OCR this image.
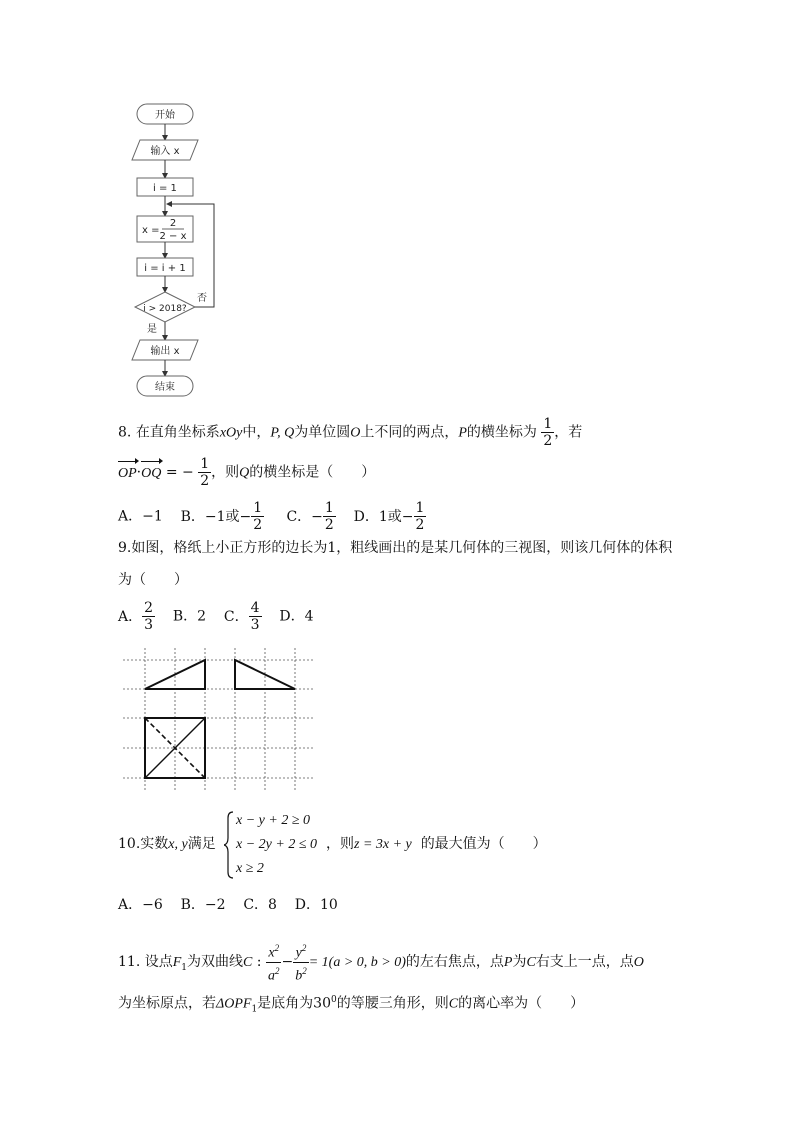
开始
输入 x
i = 1
x =
2
2 − x
i = i + 1
i > 2018?
否
是
输出 x
结束
8. 在直角坐标系xOy中，P, Q为单位圆O上不同的两点，P的横坐标为 $\frac{1}{2}$ ，若
OP·OQ = − $\frac{1}{2}$ ，则Q的横坐标是（　　）
A．−1 B．−1或− $\frac{1}{2}$ C．− $\frac{1}{2}$ D．1或− $\frac{1}{2}$
9.如图，格纸上小正方形的边长为1，粗线画出的是某几何体的三视图，则该几何体的体积
为（　　）
A． $\frac{2}{3}$ B．2 C． $\frac{4}{3}$ D．4
10.实数x, y满足
x − y + 2 ≥ 0
x − 2y + 2 ≤ 0
x ≥ 2
，则z = 3x + y 的最大值为（　　）
A．−6 B．−2 C．8 D．10
11. 设点$F_1$为双曲线C : $\frac{x^2}{a^2} - \frac{y^2}{b^2} = 1(a > 0$, b > 0)的左右焦点，点P为C右支上一点，点O
为坐标原点，若$\Delta OPF_1$是底角为$30^0$的等腰三角形，则C的离心率为（　　）
